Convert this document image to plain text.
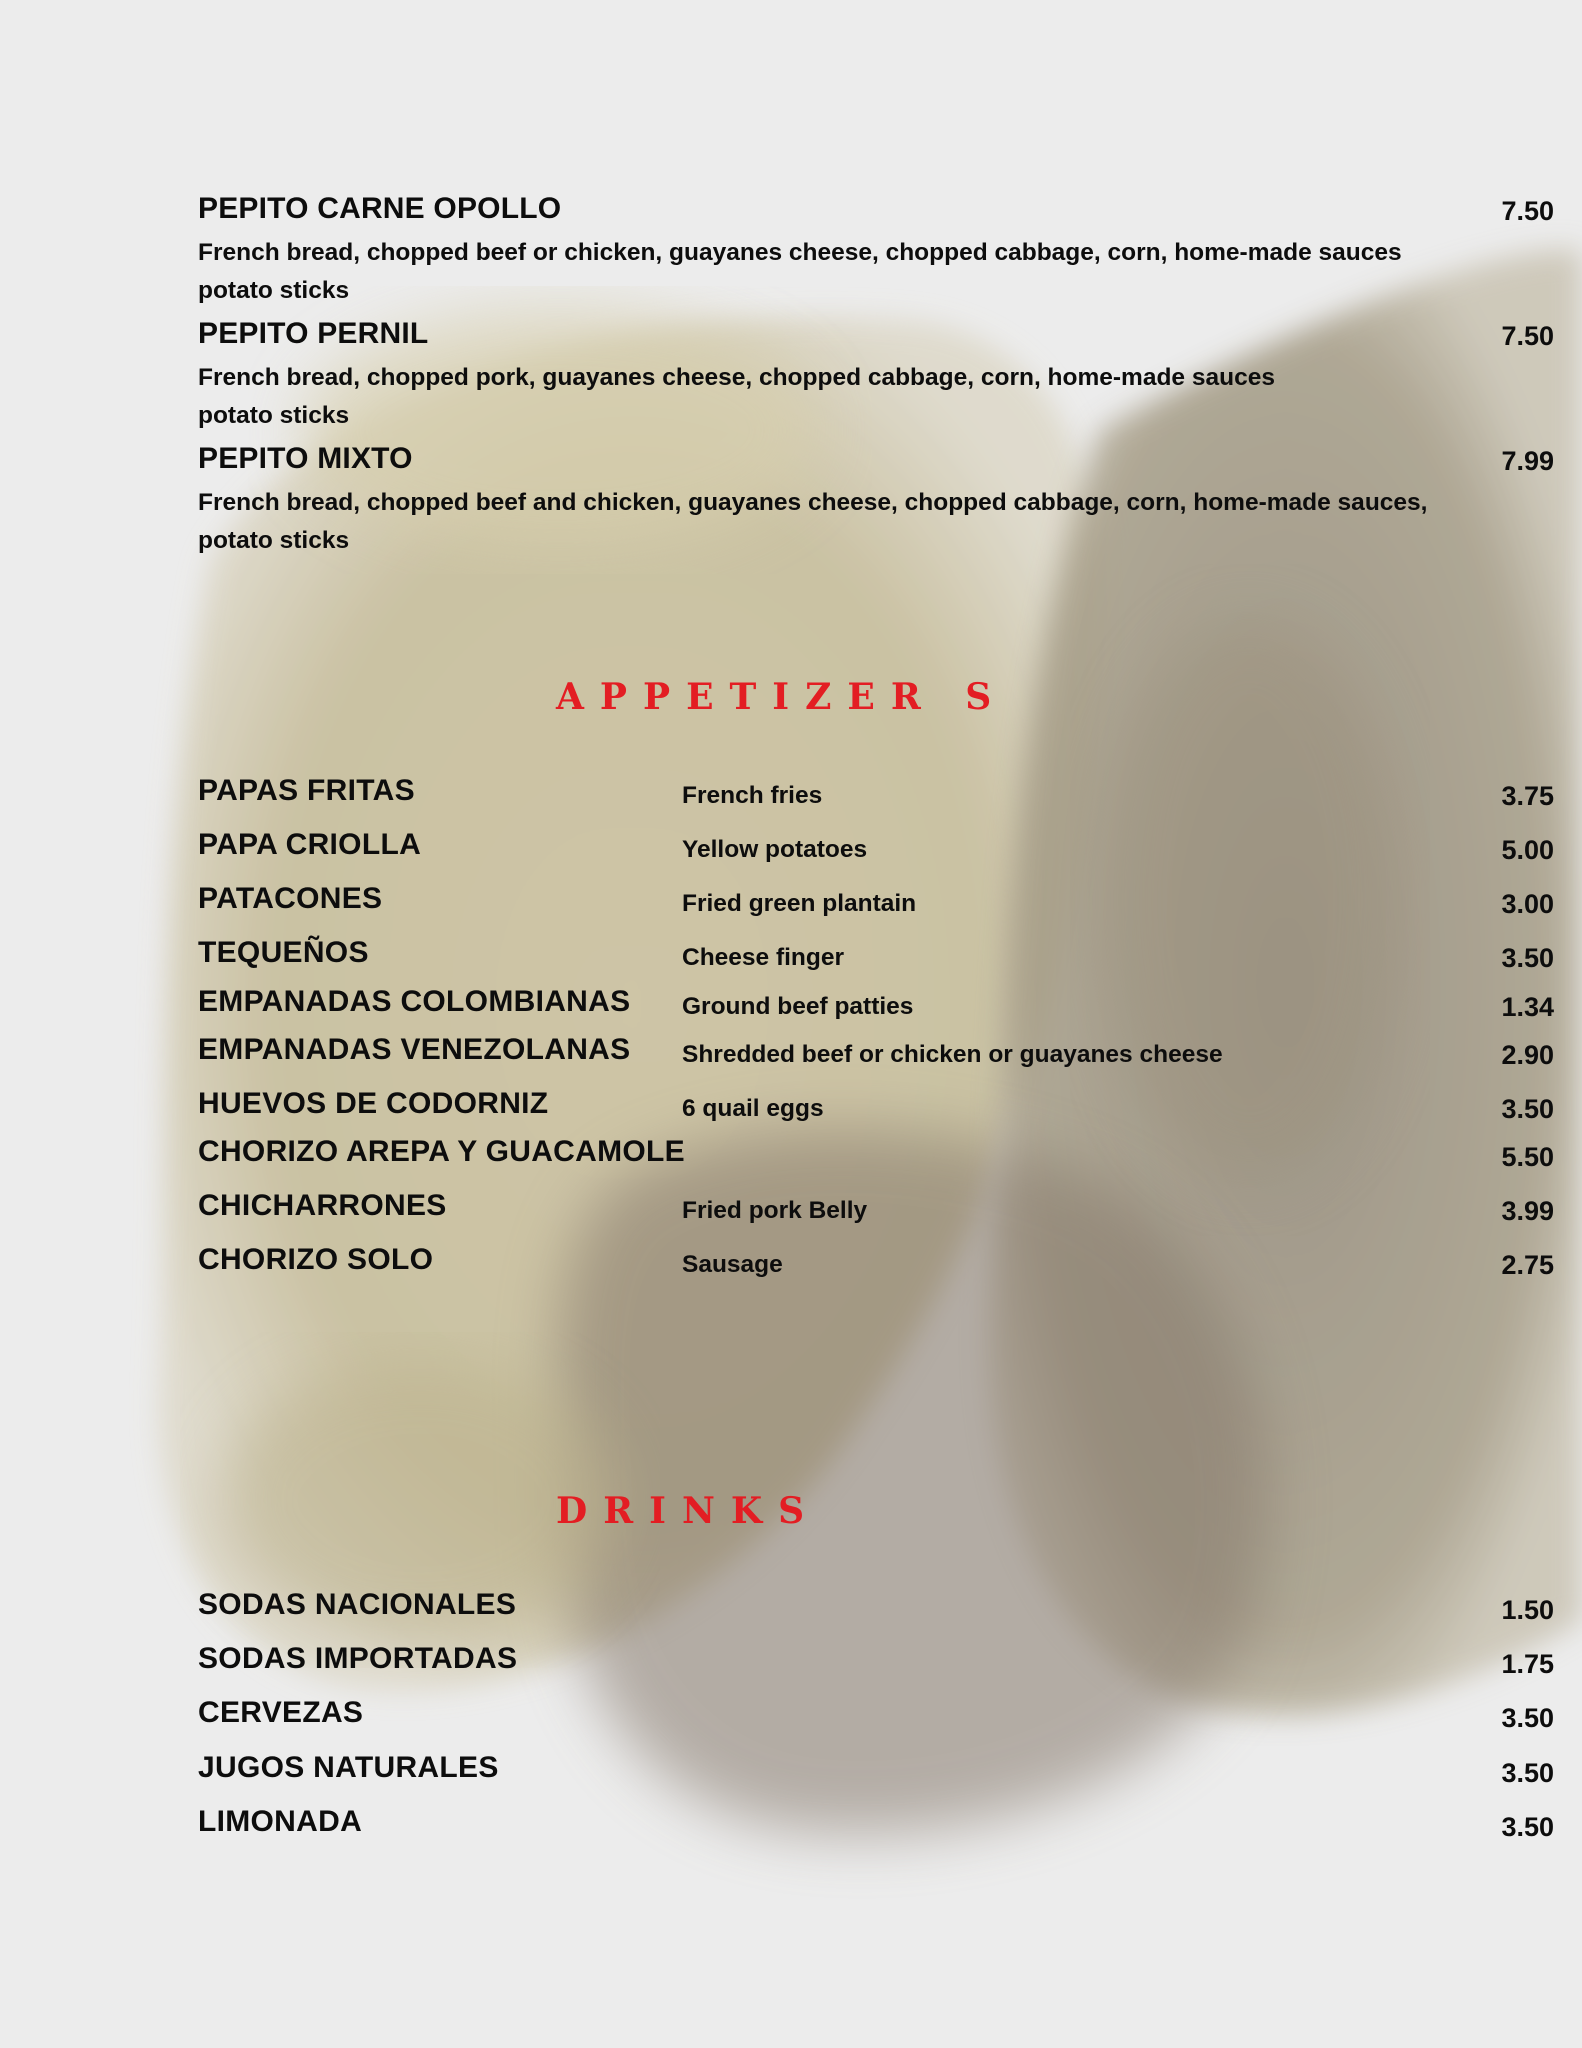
PEPITO CARNE OPOLLO	7.50
French bread, chopped beef or chicken, guayanes cheese, chopped cabbage, corn, home-made sauces
potato sticks
PEPITO PERNIL	7.50
French bread, chopped pork, guayanes cheese, chopped cabbage, corn, home-made sauces
potato sticks
PEPITO MIXTO	7.99
French bread, chopped beef and chicken, guayanes cheese, chopped cabbage, corn, home-made sauces,
potato sticks
APPETIZER S
PAPAS FRITAS	French fries	3.75
PAPA CRIOLLA	Yellow potatoes	5.00
PATACONES	Fried green plantain	3.00
TEQUEÑOS	Cheese finger	3.50
EMPANADAS COLOMBIANAS Ground beef patties	1.34
EMPANADAS VENEZOLANAS Shredded beef or chicken or guayanes cheese	2.90
HUEVOS DE CODORNIZ	6 quail eggs	3.50
CHORIZO AREPA Y GUACAMOLE	5.50
CHICHARRONES	Fried pork Belly	3.99
CHORIZO SOLO	Sausage	2.75
DRINKS
SODAS NACIONALES	1.50
SODAS IMPORTADAS	1.75
CERVEZAS	3.50
JUGOS NATURALES	3.50
LIMONADA	3.50
